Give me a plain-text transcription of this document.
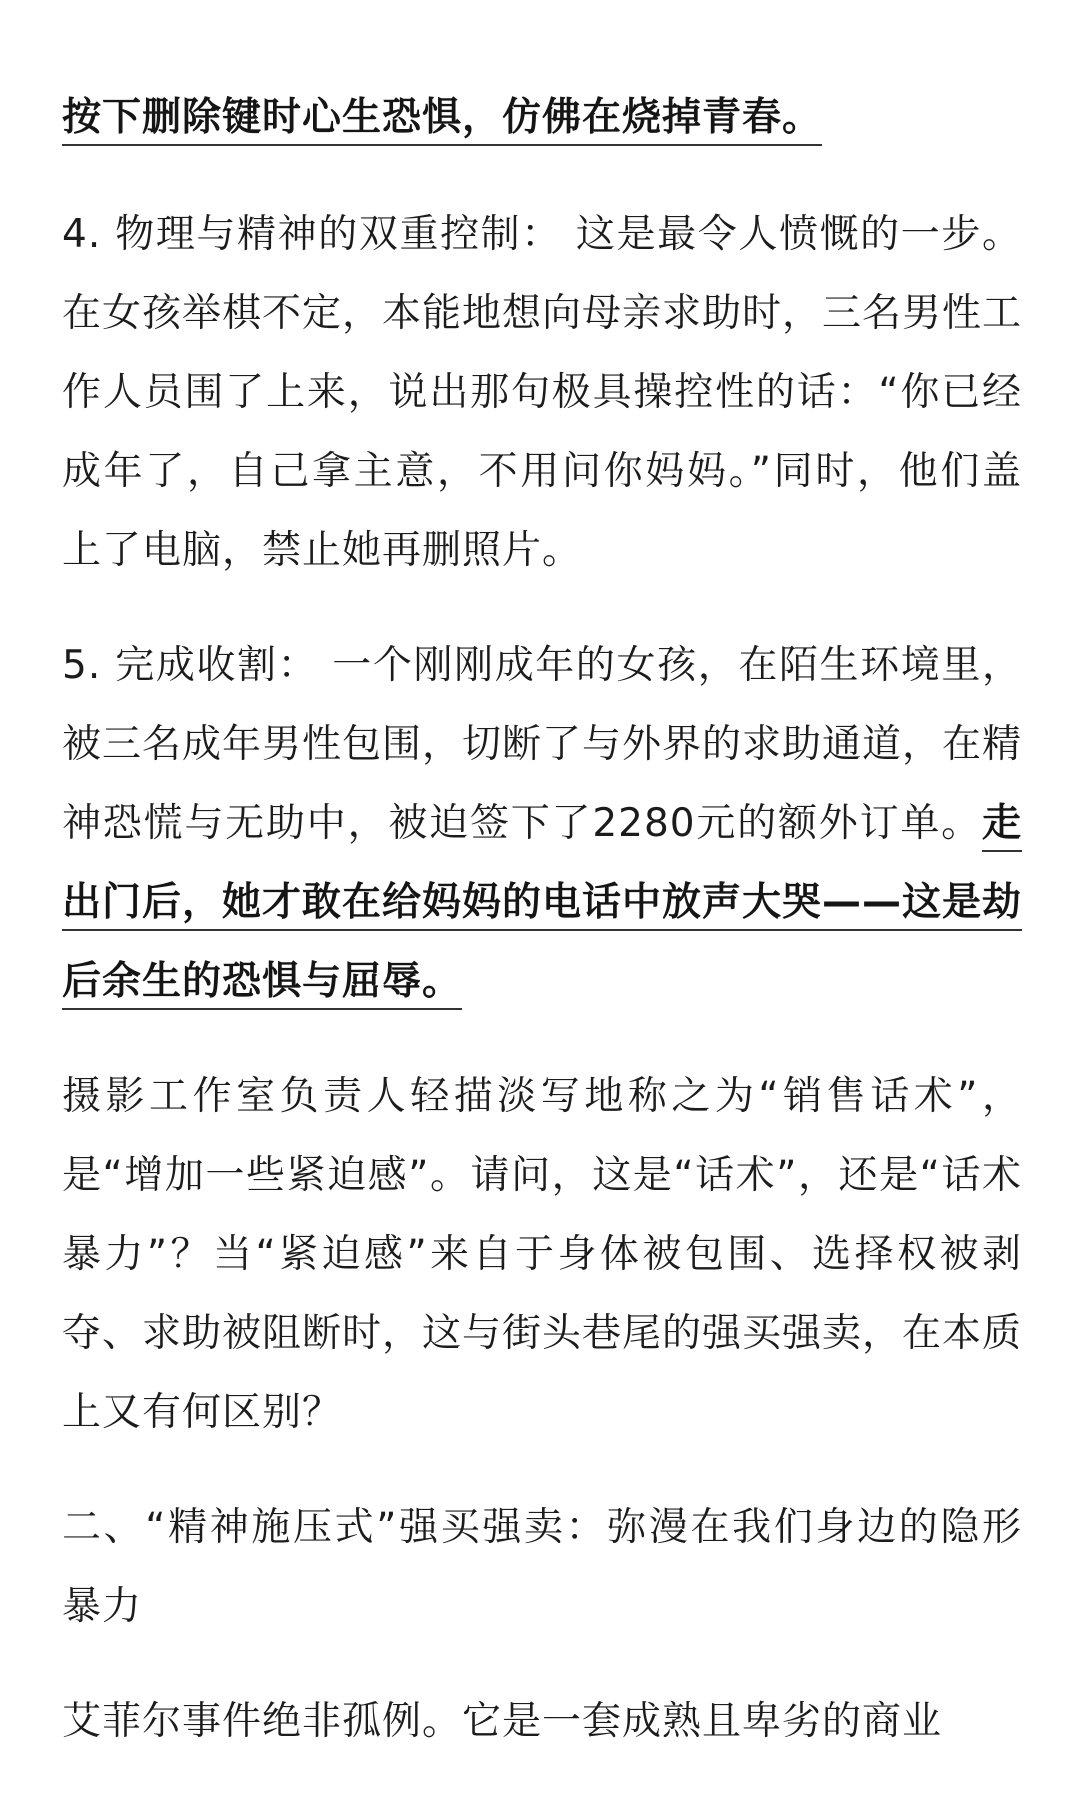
按下删除键时心生恐惧，仿佛在烧掉青春。

4. 物理与精神的双重控制： 这是最令人愤慨的一步。在女孩举棋不定，本能地想向母亲求助时，三名男性工作人员围了上来，说出那句极具操控性的话：“你已经成年了，自己拿主意，不用问你妈妈。”同时，他们盖上了电脑，禁止她再删照片。

5. 完成收割： 一个刚刚成年的女孩，在陌生环境里，被三名成年男性包围，切断了与外界的求助通道，在精神恐慌与无助中，被迫签下了2280元的额外订单。走出门后，她才敢在给妈妈的电话中放声大哭——这是劫后余生的恐惧与屈辱。

摄影工作室负责人轻描淡写地称之为“销售话术”，是“增加一些紧迫感”。请问，这是“话术”，还是“话术暴力”？当“紧迫感”来自于身体被包围、选择权被剥夺、求助被阻断时，这与街头巷尾的强买强卖，在本质上又有何区别？

二、“精神施压式”强买强卖：弥漫在我们身边的隐形暴力

艾菲尔事件绝非孤例。它是一套成熟且卑劣的商业
